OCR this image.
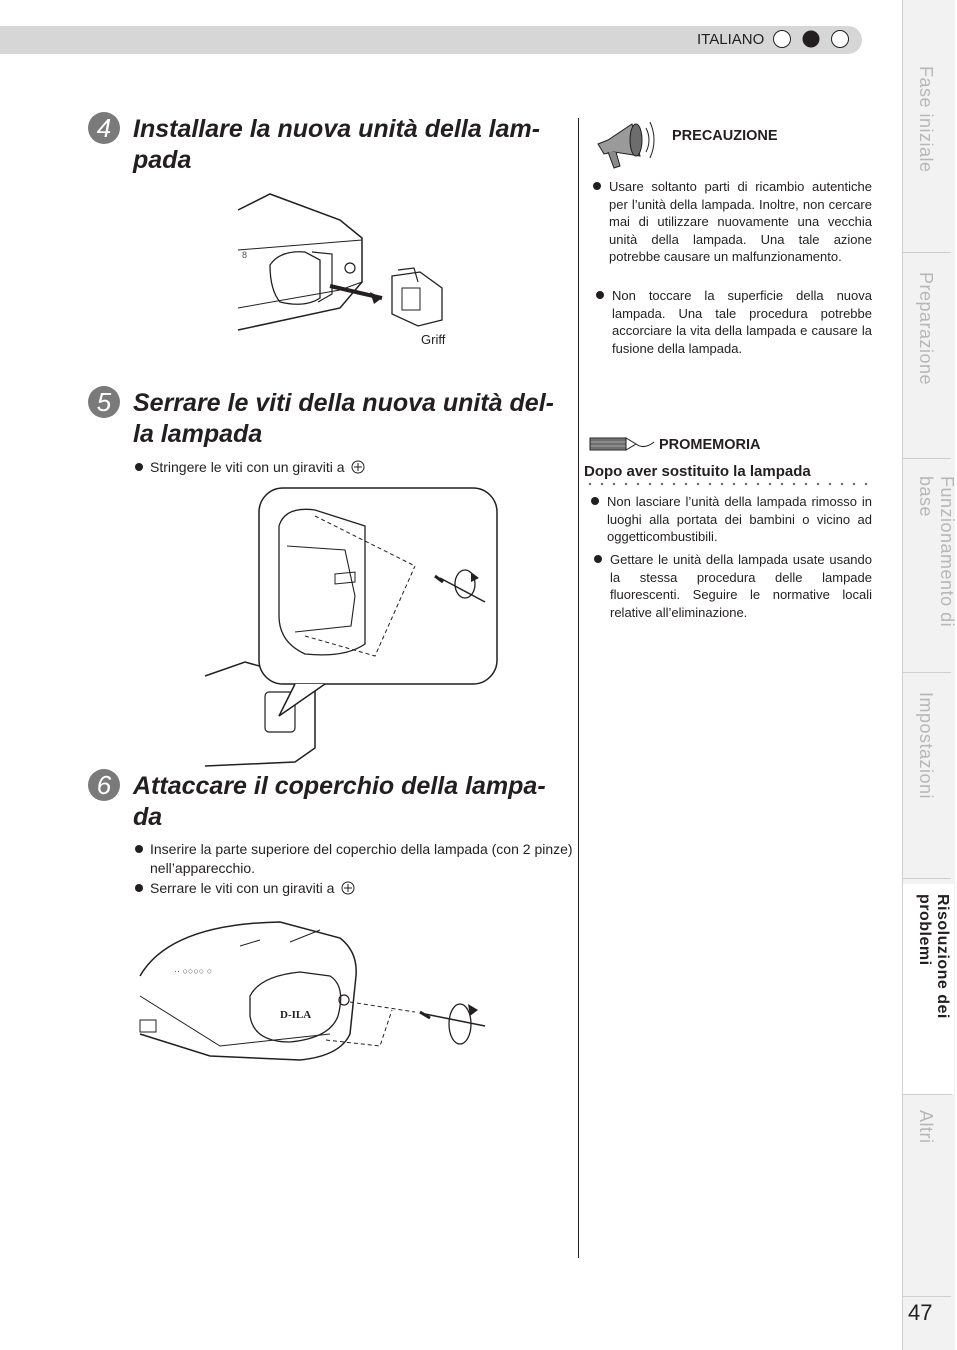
ITALIANO
4 Installare la nuova unità della lam-pada
8
Griff
5 Serrare le viti della nuova unità del-la lampada
Stringere le viti con un giraviti a
6 Attaccare il coperchio della lampa-da
Inserire la parte superiore del coperchio della lampada (con 2 pinze) nell’apparecchio.
Serrare le viti con un giraviti a
D-ILA
·· ○○○○ ○
PRECAUZIONE
Usare soltanto parti di ricambio autentiche per l’unità della lampada. Inoltre, non cercare mai di utilizzare nuovamente una vecchia unità della lampada. Una tale azione potrebbe causare un malfunzionamento.
Non toccare la superficie della nuova lampada. Una tale procedura potrebbe accorciare la vita della lampada e causare la fusione della lampada.
PROMEMORIA
Dopo aver sostituito la lampada
Non lasciare l’unità della lampada rimosso in luoghi alla portata dei bambini o vicino ad oggetticombustibili.
Gettare le unità della lampada usate usando la stessa procedura delle lampade fluorescenti. Seguire le normative locali relative all’eliminazione.
Fase iniziale
Preparazione
Funzionamento di base
Impostazioni
Risoluzione dei problemi
Altri
47
